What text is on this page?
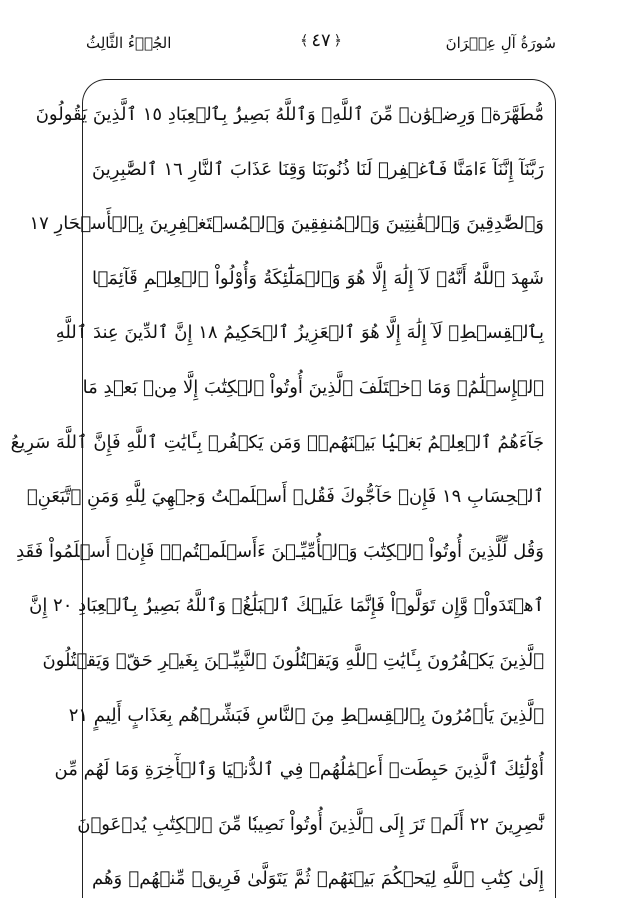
الجُزۡءُ الثَّالِثُ	﴾ ٤٧ ﴿	سُورَةُ آلِ عِمۡرَانَ
مُّطَهَّرَةٞ وَرِضۡوَٰنٞ مِّنَ ٱللَّهِۗ وَٱللَّهُ بَصِيرُۢ بِٱلۡعِبَادِ ١٥ ٱلَّذِينَ يَقُولُونَ
رَبَّنَآ إِنَّنَآ ءَامَنَّا فَٱغۡفِرۡ لَنَا ذُنُوبَنَا وَقِنَا عَذَابَ ٱلنَّارِ ١٦ ٱلصَّٰبِرِينَ
وَٱلصَّٰدِقِينَ وَٱلۡقَٰنِتِينَ وَٱلۡمُنفِقِينَ وَٱلۡمُسۡتَغۡفِرِينَ بِٱلۡأَسۡحَارِ ١٧
شَهِدَ ٱللَّهُ أَنَّهُۥ لَآ إِلَٰهَ إِلَّا هُوَ وَٱلۡمَلَٰٓئِكَةُ وَأُوْلُواْ ٱلۡعِلۡمِ قَآئِمَۢا
بِٱلۡقِسۡطِۚ لَآ إِلَٰهَ إِلَّا هُوَ ٱلۡعَزِيزُ ٱلۡحَكِيمُ ١٨ إِنَّ ٱلدِّينَ عِندَ ٱللَّهِ
ٱلۡإِسۡلَٰمُۗ وَمَا ٱخۡتَلَفَ ٱلَّذِينَ أُوتُواْ ٱلۡكِتَٰبَ إِلَّا مِنۢ بَعۡدِ مَا
جَآءَهُمُ ٱلۡعِلۡمُ بَغۡيَۢا بَيۡنَهُمۡۗ وَمَن يَكۡفُرۡ بِـَٔايَٰتِ ٱللَّهِ فَإِنَّ ٱللَّهَ سَرِيعُ
ٱلۡحِسَابِ ١٩ فَإِنۡ حَآجُّوكَ فَقُلۡ أَسۡلَمۡتُ وَجۡهِيَ لِلَّهِ وَمَنِ ٱتَّبَعَنِۗ
وَقُل لِّلَّذِينَ أُوتُواْ ٱلۡكِتَٰبَ وَٱلۡأُمِّيِّـۧنَ ءَأَسۡلَمۡتُمۡۚ فَإِنۡ أَسۡلَمُواْ فَقَدِ
ٱهۡتَدَواْۖ وَّإِن تَوَلَّوۡاْ فَإِنَّمَا عَلَيۡكَ ٱلۡبَلَٰغُۗ وَٱللَّهُ بَصِيرُۢ بِٱلۡعِبَادِ ٢٠ إِنَّ
ٱلَّذِينَ يَكۡفُرُونَ بِـَٔايَٰتِ ٱللَّهِ وَيَقۡتُلُونَ ٱلنَّبِيِّـۧنَ بِغَيۡرِ حَقّٖ وَيَقۡتُلُونَ
ٱلَّذِينَ يَأۡمُرُونَ بِٱلۡقِسۡطِ مِنَ ٱلنَّاسِ فَبَشِّرۡهُم بِعَذَابٍ أَلِيمٍ ٢١
أُوْلَٰٓئِكَ ٱلَّذِينَ حَبِطَتۡ أَعۡمَٰلُهُمۡ فِي ٱلدُّنۡيَا وَٱلۡأٓخِرَةِ وَمَا لَهُم مِّن
نَّٰصِرِينَ ٢٢ أَلَمۡ تَرَ إِلَى ٱلَّذِينَ أُوتُواْ نَصِيبٗا مِّنَ ٱلۡكِتَٰبِ يُدۡعَوۡنَ
إِلَىٰ كِتَٰبِ ٱللَّهِ لِيَحۡكُمَ بَيۡنَهُمۡ ثُمَّ يَتَوَلَّىٰ فَرِيقٞ مِّنۡهُمۡ وَهُم
